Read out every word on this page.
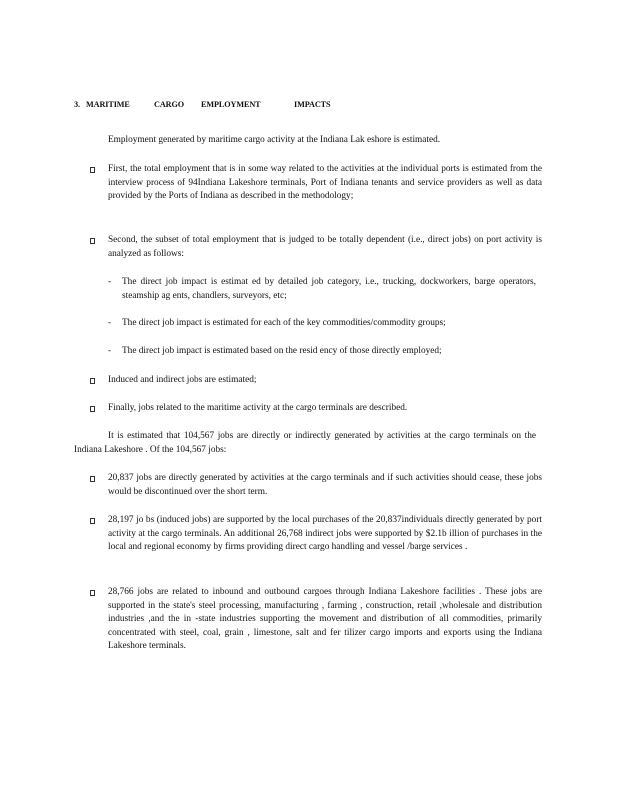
3. MARITIME	CARGO EMPLOYMENT	IMPACTS
Employment generated by maritime cargo activity at the Indiana Lak eshore is estimated.
First, the total employment that is in some way related to the activities at the individual ports is estimated from the interview process of 94Indiana Lakeshore terminals, Port of Indiana tenants and service providers as well as data provided by the Ports of Indiana as described in the methodology;
Second, the subset of total employment that is judged to be totally dependent (i.e., direct jobs) on port activity is analyzed as follows:
-	The direct job impact is estimat ed by detailed job category, i.e., trucking, dockworkers, barge operators, steamship ag ents, chandlers, surveyors, etc;
-	The direct job impact is estimated for each of the key commodities/commodity groups;
-	The direct job impact is estimated based on the resid ency of those directly employed;
Induced and indirect jobs are estimated;
Finally, jobs related to the maritime activity at the cargo terminals are described.
It is estimated that 104,567 jobs are directly or indirectly generated by activities at the cargo terminals on the Indiana Lakeshore . Of the 104,567 jobs:
20,837 jobs are directly generated by activities at the cargo terminals and if such activities should cease, these jobs would be discontinued over the short term.
28,197 jo bs (induced jobs) are supported by the local purchases of the 20,837individuals directly generated by port activity at the cargo terminals. An additional 26,768 indirect jobs were supported by $2.1b illion of purchases in the local and regional economy by firms providing direct cargo handling and vessel /barge services .
28,766 jobs are related to inbound and outbound cargoes through Indiana Lakeshore facilities . These jobs are supported in the state's steel processing, manufacturing , farming , construction, retail ,wholesale and distribution industries ,and the in -state industries supporting the movement and distribution of all commodities, primarily concentrated with steel, coal, grain , limestone, salt and fer tilizer cargo imports and exports using the Indiana Lakeshore terminals.
